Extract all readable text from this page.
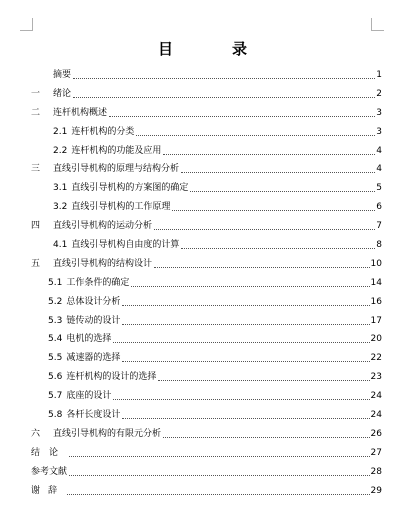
目　录
摘要	1
一	绪论	2
二	连杆机构概述	3
2.1 连杆机构的分类	3
2.2 连杆机构的功能及应用	4
三	直线引导机构的原理与结构分析	4
3.1 直线引导机构的方案图的确定	5
3.2 直线引导机构的工作原理	6
四	直线引导机构的运动分析	7
4.1 直线引导机构自由度的计算	8
五	直线引导机构的结构设计	10
5.1 工作条件的确定	14
5.2 总体设计分析	16
5.3 链传动的设计	17
5.4 电机的选择	20
5.5 减速器的选择	22
5.6 连杆机构的设计的选择	23
5.7 底座的设计	24
5.8 各杆长度设计	24
六	直线引导机构的有限元分析	26
结论	27
参考文献	28
谢辞	29
